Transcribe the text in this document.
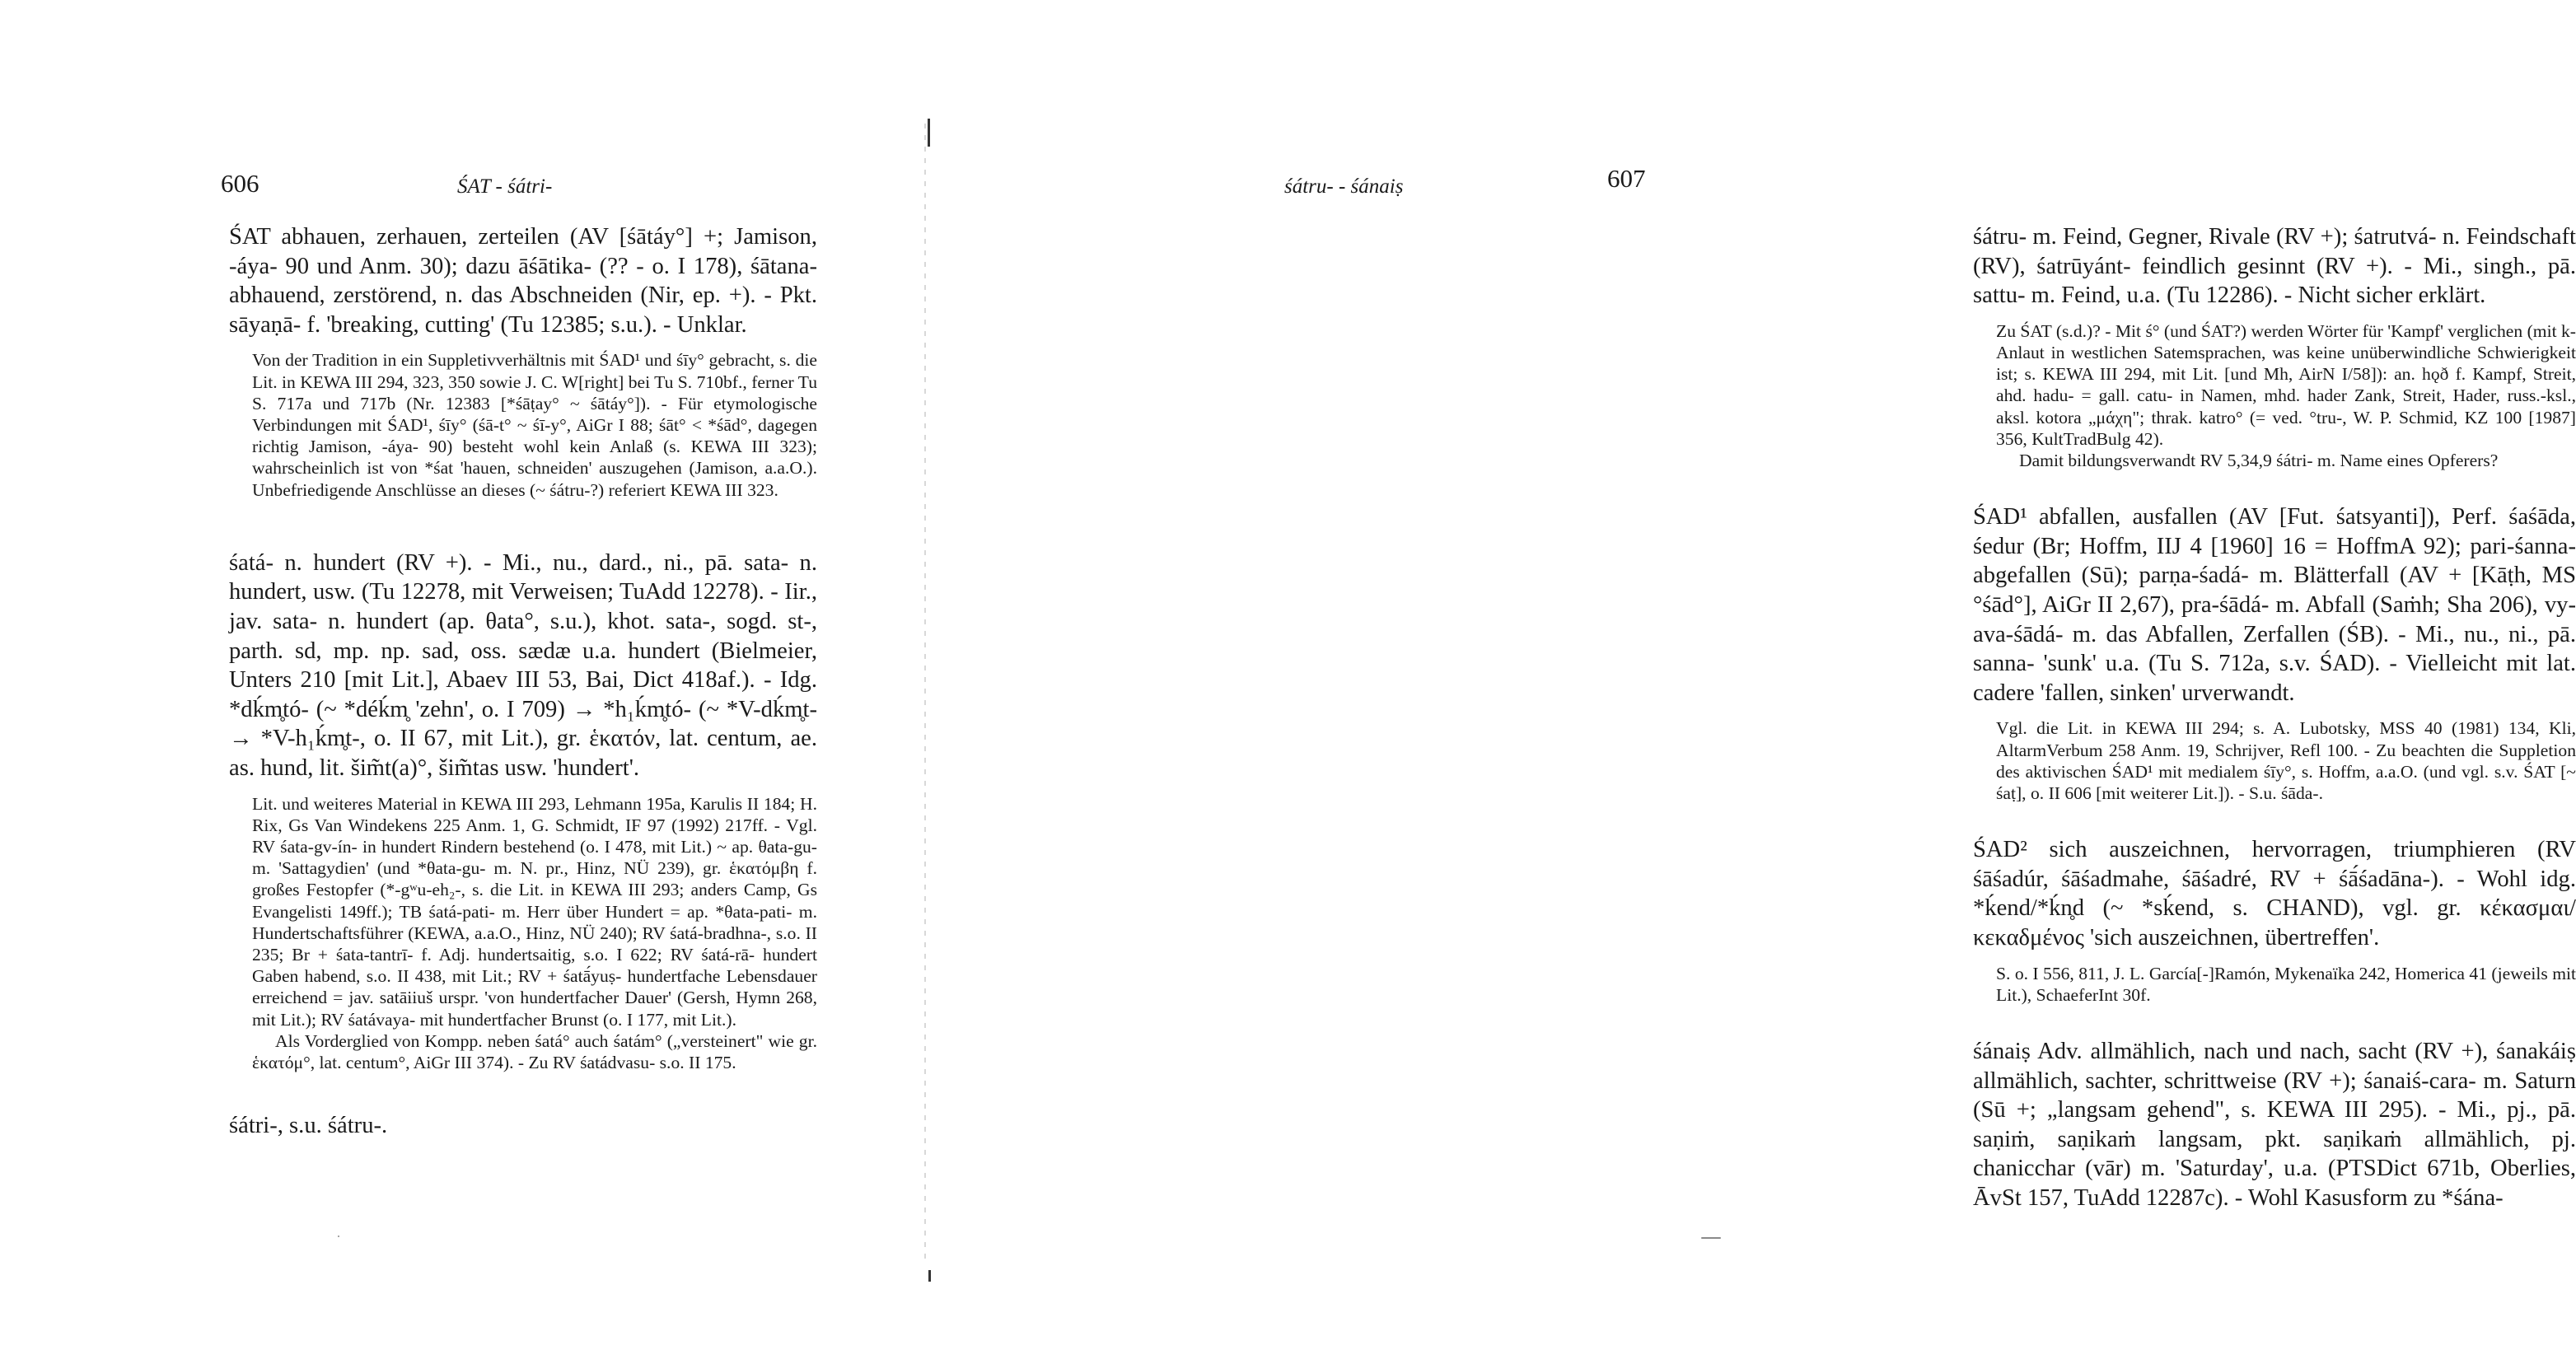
606	ŚAT - śátri-

ŚAT abhauen, zerhauen, zerteilen (AV [śātáy°] +; Jamison, -áya- 90 und Anm. 30); dazu āśātika- (?? - o. I 178), śātana- abhauend, zerstörend, n. das Abschneiden (Nir, ep. +). - Pkt. sāyaṇā- f. 'breaking, cutting' (Tu 12385; s.u.). - Unklar.

Von der Tradition in ein Suppletivverhältnis mit ŚAD¹ und śīy° gebracht, s. die Lit. in KEWA III 294, 323, 350 sowie J. C. W[right] bei Tu S. 710bf., ferner Tu S. 717a und 717b (Nr. 12383 [*śāṭay° ~ śātáy°]). - Für etymologische Verbindungen mit ŚAD¹, śīy° (śā-t° ~ śī-y°, AiGr I 88; śāt° < *śād°, dagegen richtig Jamison, -áya- 90) besteht wohl kein Anlaß (s. KEWA III 323); wahrscheinlich ist von *śat 'hauen, schneiden' auszugehen (Jamison, a.a.O.). Unbefriedigende Anschlüsse an dieses (~ śátru-?) referiert KEWA III 323.

śatá- n. hundert (RV +). - Mi., nu., dard., ni., pā. sata- n. hundert, usw. (Tu 12278, mit Verweisen; TuAdd 12278). - Iir., jav. sata- n. hundert (ap. θata°, s.u.), khot. sata-, sogd. st-, parth. sd, mp. np. sad, oss. sædæ u.a. hundert (Bielmeier, Unters 210 [mit Lit.], Abaev III 53, Bai, Dict 418af.). - Idg. *dḱm̥tó- (~ *déḱm̥ 'zehn', o. I 709) → *h₁ḱm̥tó- (~ *V-dḱm̥t- → *V-h₁ḱm̥t-, o. II 67, mit Lit.), gr. ἑκατόν, lat. centum, ae. as. hund, lit. šim̃t(a)°, šim̃tas usw. 'hundert'.

Lit. und weiteres Material in KEWA III 293, Lehmann 195a, Karulis II 184; H. Rix, Gs Van Windekens 225 Anm. 1, G. Schmidt, IF 97 (1992) 217ff. - Vgl. RV śata-gv-ín- in hundert Rindern bestehend (o. I 478, mit Lit.) ~ ap. θata-gu- m. 'Sattagydien' (und *θata-gu- m. N. pr., Hinz, NÜ 239), gr. ἑκατόμβη f. großes Festopfer (*-gʷu-eh₂-, s. die Lit. in KEWA III 293; anders Camp, Gs Evangelisti 149ff.); TB śatá-pati- m. Herr über Hundert = ap. *θata-pati- m. Hundertschaftsführer (KEWA, a.a.O., Hinz, NÜ 240); RV śatá-bradhna-, s.o. II 235; Br + śata-tantrī- f. Adj. hundertsaitig, s.o. I 622; RV śatá-rā- hundert Gaben habend, s.o. II 438, mit Lit.; RV + śatā́yuṣ- hundertfache Lebensdauer erreichend = jav. satāiiuš urspr. 'von hundertfacher Dauer' (Gersh, Hymn 268, mit Lit.); RV śatávaya- mit hundertfacher Brunst (o. I 177, mit Lit.).

Als Vorderglied von Kompp. neben śatá° auch śatám° („versteinert" wie gr. ἑκατόμ°, lat. centum°, AiGr III 374). - Zu RV śatádvasu- s.o. II 175.

śátri-, s.u. śátru-.

śátru- - śánaiṣ	607

śátru- m. Feind, Gegner, Rivale (RV +); śatrutvá- n. Feindschaft (RV), śatrūyánt- feindlich gesinnt (RV +). - Mi., singh., pā. sattu- m. Feind, u.a. (Tu 12286). - Nicht sicher erklärt.

Zu ŚAT (s.d.)? - Mit ś° (und ŚAT?) werden Wörter für 'Kampf' verglichen (mit k-Anlaut in westlichen Satemsprachen, was keine unüberwindliche Schwierigkeit ist; s. KEWA III 294, mit Lit. [und Mh, AirN I/58]): an. hǫð f. Kampf, Streit, ahd. hadu- = gall. catu- in Namen, mhd. hader Zank, Streit, Hader, russ.-ksl., aksl. kotora „μάχη"; thrak. katro° (= ved. °tru-, W. P. Schmid, KZ 100 [1987] 356, KultTradBulg 42).

Damit bildungsverwandt RV 5,34,9 śátri- m. Name eines Opferers?

ŚAD¹ abfallen, ausfallen (AV [Fut. śatsyanti]), Perf. śaśāda, śedur (Br; Hoffm, IIJ 4 [1960] 16 = HoffmA 92); pari-śanna- abgefallen (Sū); parṇa-śadá- m. Blätterfall (AV + [Kāṭh, MS °śād°], AiGr II 2,67), pra-śādá- m. Abfall (Saṁh; Sha 206), vy-ava-śādá- m. das Abfallen, Zerfallen (ŚB). - Mi., nu., ni., pā. sanna- 'sunk' u.a. (Tu S. 712a, s.v. ŚAD). - Vielleicht mit lat. cadere 'fallen, sinken' urverwandt.

Vgl. die Lit. in KEWA III 294; s. A. Lubotsky, MSS 40 (1981) 134, Kli, AltarmVerbum 258 Anm. 19, Schrijver, Refl 100. - Zu beachten die Suppletion des aktivischen ŚAD¹ mit medialem śīy°, s. Hoffm, a.a.O. (und vgl. s.v. ŚAT [~ śaṭ], o. II 606 [mit weiterer Lit.]). - S.u. śāda-.

ŚAD² sich auszeichnen, hervorragen, triumphieren (RV śāśadúr, śāśadmahe, śāśadré, RV + śā́śadāna-). - Wohl idg. *ḱend/*ḱn̥d (~ *sḱend, s. CHAND), vgl. gr. κέκασμαι/κεκαδμένος 'sich auszeichnen, übertreffen'.

S. o. I 556, 811, J. L. García[-]Ramón, Mykenaïka 242, Homerica 41 (jeweils mit Lit.), SchaeferInt 30f.

śánaiṣ Adv. allmählich, nach und nach, sacht (RV +), śanakáiṣ allmählich, sachter, schrittweise (RV +); śanaiś-cara- m. Saturn (Sū +; „langsam gehend", s. KEWA III 295). - Mi., pj., pā. saṇiṁ, saṇikaṁ langsam, pkt. saṇikaṁ allmählich, pj. chanicchar (vār) m. 'Saturday', u.a. (PTSDict 671b, Oberlies, ĀvSt 157, TuAdd 12287c). - Wohl Kasusform zu *śána-
